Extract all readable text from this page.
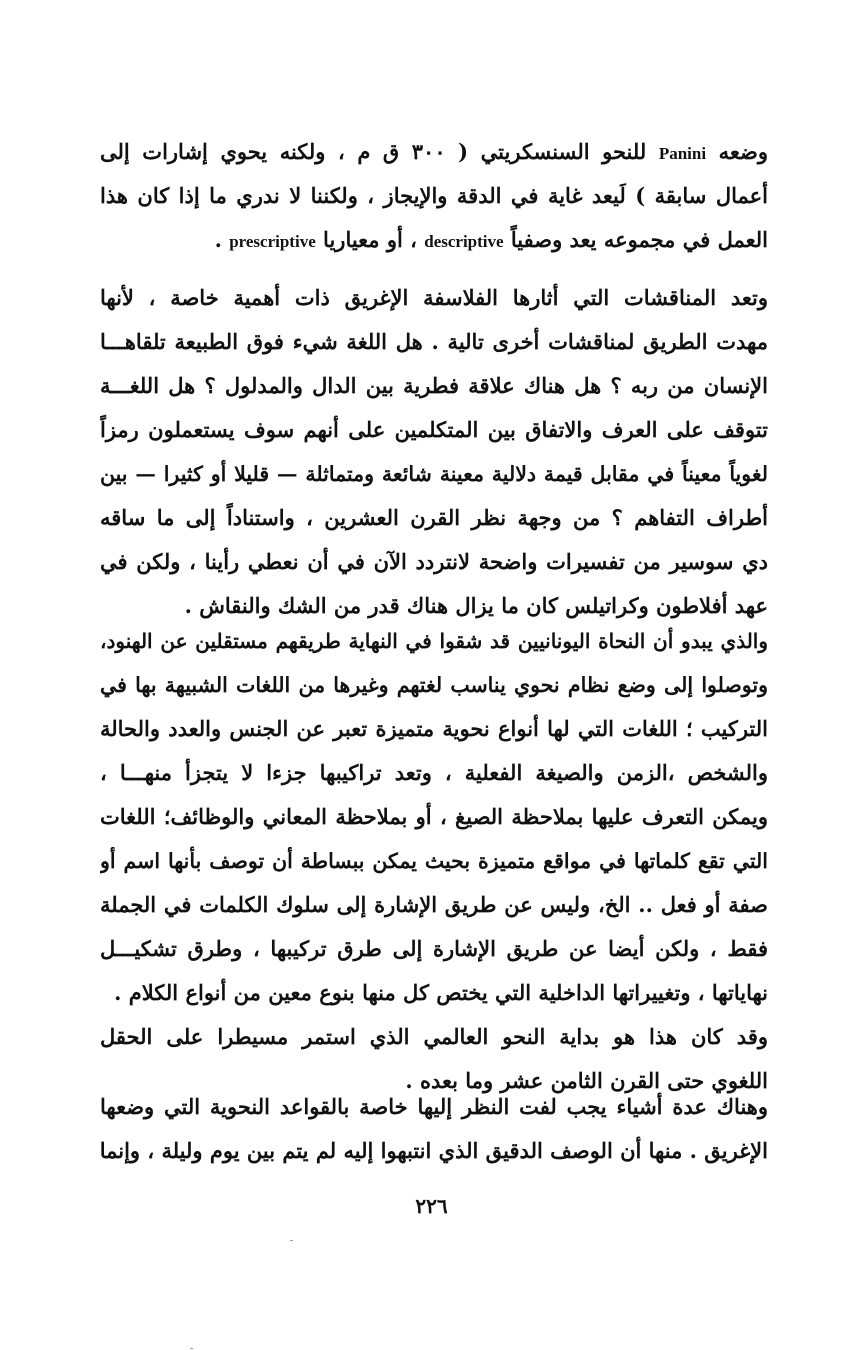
وضعه Panini للنحو السنسكريتي ( ٣٠٠ ق م ، ولكنه يحوي إشارات إلى
أعمال سابقة ) لَيعد غاية في الدقة والإيجاز ، ولكننا لا ندري ما إذا كان هذا
العمل في مجموعه يعد وصفياً descriptive ، أو معياريا prescriptive .
وتعد المناقشات التي أثارها الفلاسفة الإغريق ذات أهمية خاصة ، لأنها
مهدت الطريق لمناقشات أخرى تالية . هل اللغة شيء فوق الطبيعة تلقاهـــا
الإنسان من ربه ؟ هل هناك علاقة فطرية بين الدال والمدلول ؟ هل اللغـــة
تتوقف على العرف والاتفاق بين المتكلمين على أنهم سوف يستعملون رمزاً
لغوياً معيناً في مقابل قيمة دلالية معينة شائعة ومتماثلة — قليلا أو كثيرا — بين
أطراف التفاهم ؟ من وجهة نظر القرن العشرين ، واستناداً إلى ما ساقه
دي سوسير من تفسيرات واضحة لانتردد الآن في أن نعطي رأينا ، ولكن في
عهد أفلاطون وكراتيلس كان ما يزال هناك قدر من الشك والنقاش .
والذي يبدو أن النحاة اليونانيين قد شقوا في النهاية طريقهم مستقلين عن الهنود،
وتوصلوا إلى وضع نظام نحوي يناسب لغتهم وغيرها من اللغات الشبيهة بها في
التركيب ؛ اللغات التي لها أنواع نحوية متميزة تعبر عن الجنس والعدد والحالة
والشخص ،الزمن والصيغة الفعلية ، وتعد تراكيبها جزءا لا يتجزأ منهـــا ،
ويمكن التعرف عليها بملاحظة الصيغ ، أو بملاحظة المعاني والوظائف؛ اللغات
التي تقع كلماتها في مواقع متميزة بحيث يمكن ببساطة أن توصف بأنها اسم أو
صفة أو فعل .. الخ، وليس عن طريق الإشارة إلى سلوك الكلمات في الجملة
فقط ، ولكن أيضا عن طريق الإشارة إلى طرق تركيبها ، وطرق تشكيـــل
نهاياتها ، وتغييراتها الداخلية التي يختص كل منها بنوع معين من أنواع الكلام .
وقد كان هذا هو بداية النحو العالمي الذي استمر مسيطرا على الحقل
اللغوي حتى القرن الثامن عشر وما بعده .
وهناك عدة أشياء يجب لفت النظر إليها خاصة بالقواعد النحوية التي وضعها
الإغريق . منها أن الوصف الدقيق الذي انتبهوا إليه لم يتم بين يوم وليلة ، وإنما
٢٢٦
